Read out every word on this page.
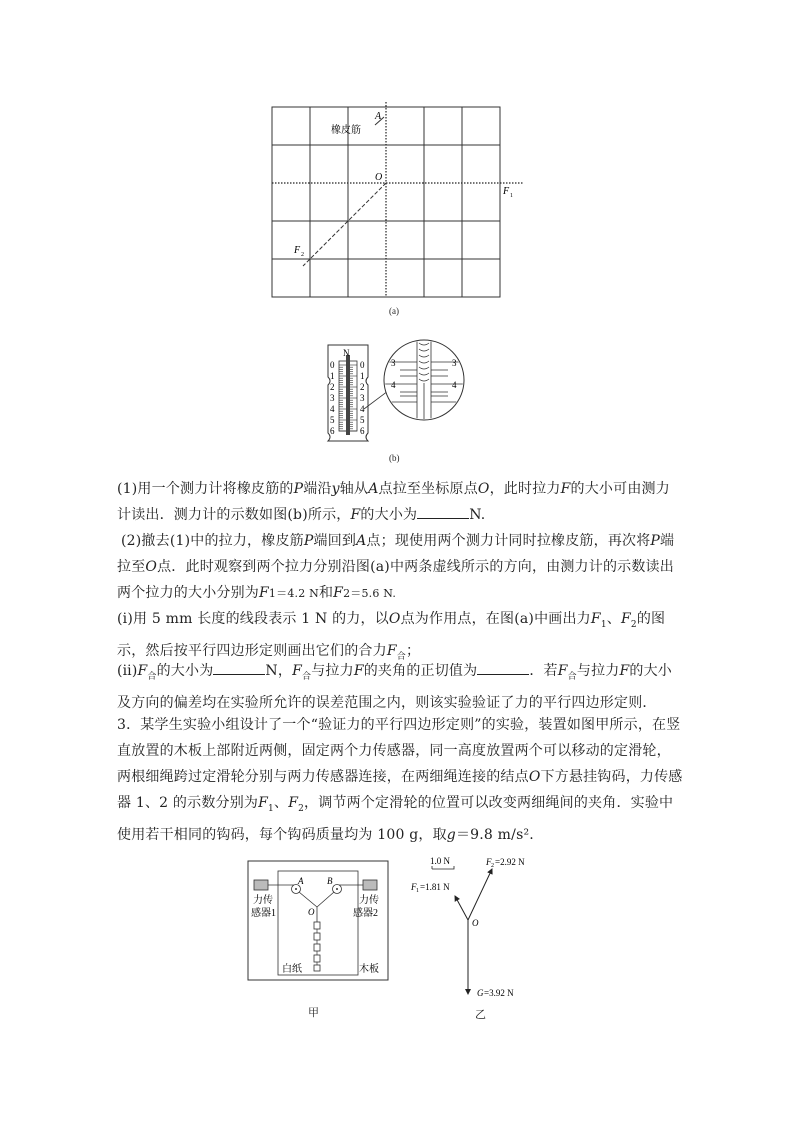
A
橡皮筋
O
F 1
F 2
(a)
N
0
1
2
3
4
5
6
0
1
2
3
4
5
6
3	3
4	4
(b)

(1)用一个测力计将橡皮筋的P端沿y轴从A点拉至坐标原点O，此时拉力F的大小可由测力计读出．测力计的示数如图(b)所示，F的大小为	N.

(2)撤去(1)中的拉力，橡皮筋P端回到A点；现使用两个测力计同时拉橡皮筋，再次将P端拉至O点．此时观察到两个拉力分别沿图(a)中两条虚线所示的方向，由测力计的示数读出两个拉力的大小分别为F1＝4.2 N和F2＝5.6 N.

(ⅰ)用 5 mm 长度的线段表示 1 N 的力，以O点为作用点，在图(a)中画出力$F_1$、$F_2$的图示，然后按平行四边形定则画出它们的合力$F_合$；

$(ⅱ)F_合$的大小为	N，$F_合$与拉力F的夹角的正切值为	．若$F_合$与拉力F的大小及方向的偏差均在实验所允许的误差范围之内，则该实验验证了力的平行四边形定则．

3．某学生实验小组设计了一个“验证力的平行四边形定则”的实验，装置如图甲所示，在竖直放置的木板上部附近两侧，固定两个力传感器，同一高度放置两个可以移动的定滑轮，两根细绳跨过定滑轮分别与两力传感器连接，在两细绳连接的结点O下方悬挂钩码，力传感器 1、2 的示数分别为$F_1$、$F_2$，调节两个定滑轮的位置可以改变两细绳间的夹角．实验中使用若干相同的钩码，每个钩码质量均为 100 g，取g＝9.8 m/s².

A	B
O
力传
感器1
力传
感器2
白纸	木板
甲
1.0 N
O
F 1 =1.81 N
F 2 =2.92 N
G =3.92 N
乙
